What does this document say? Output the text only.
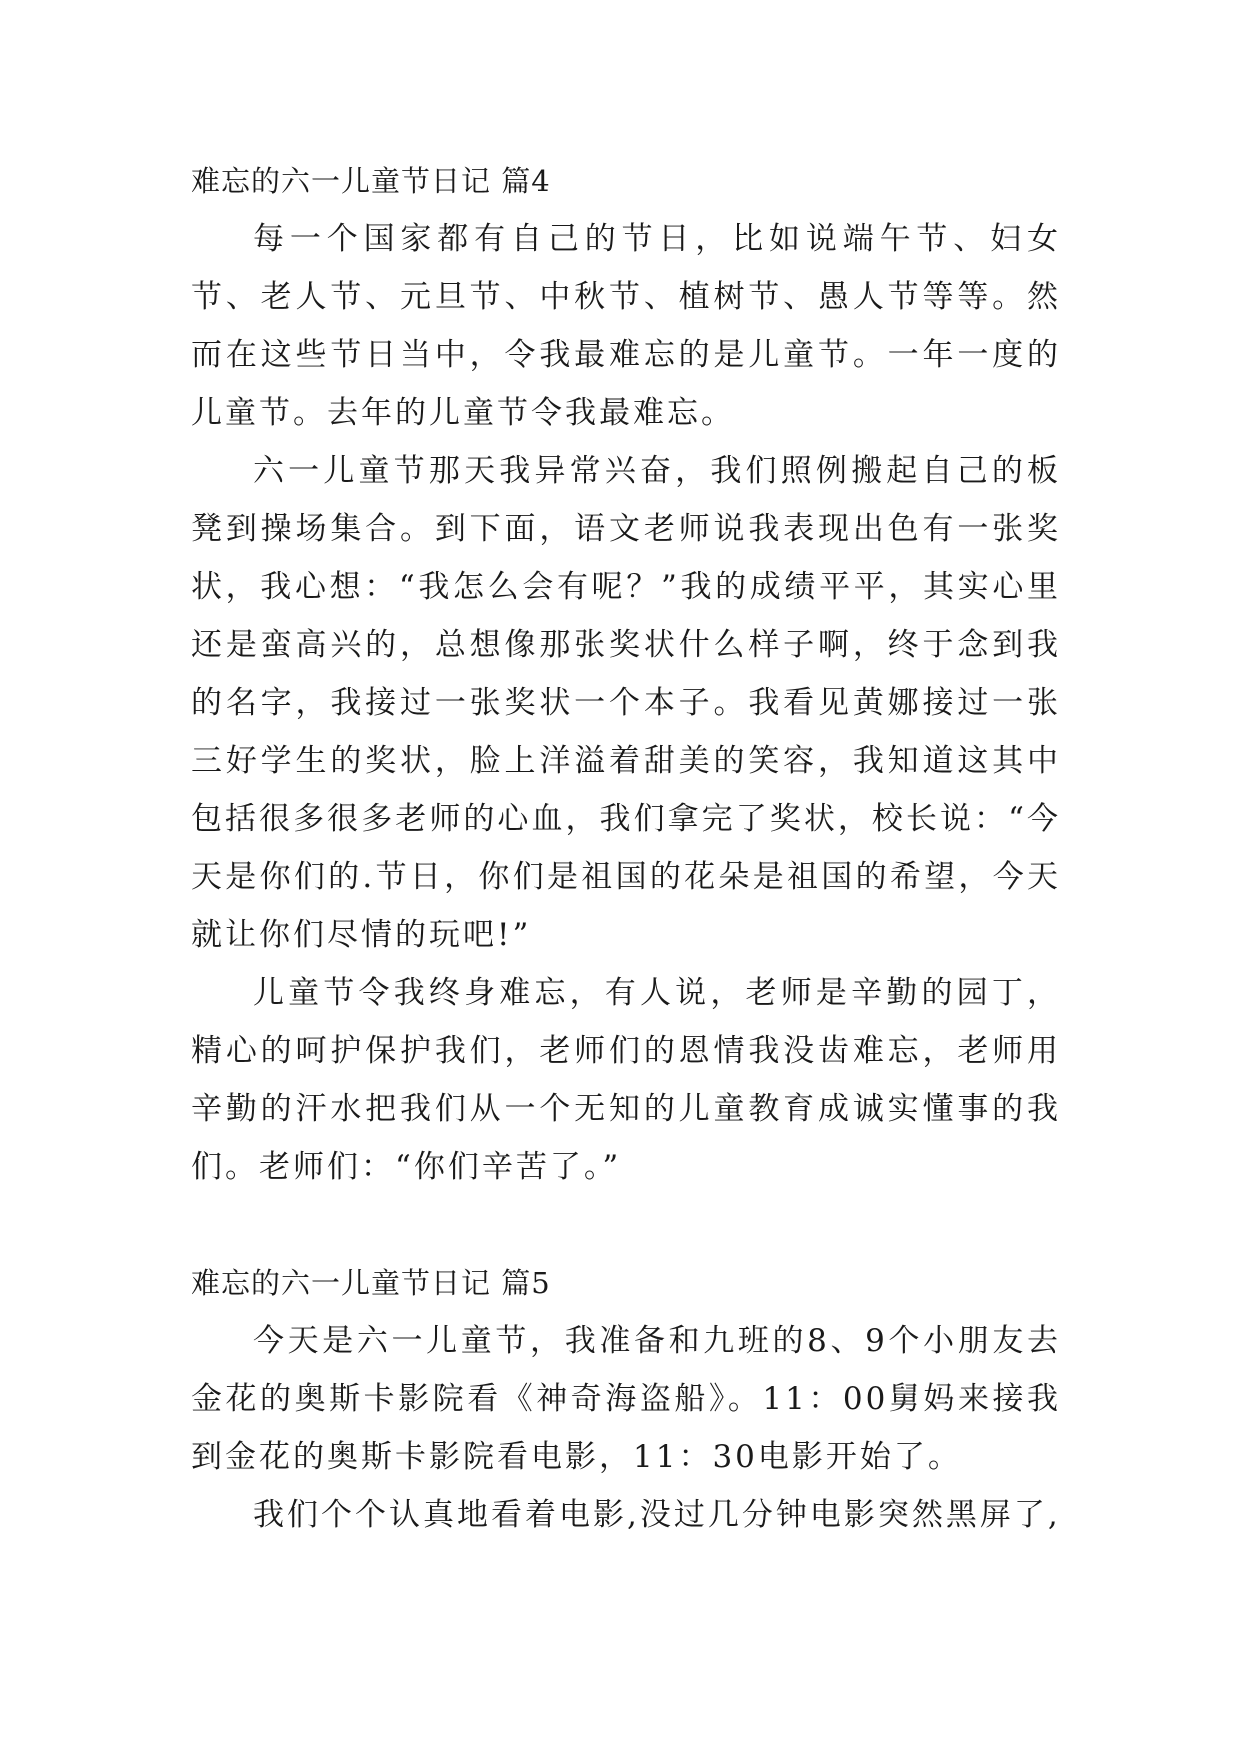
难忘的六一儿童节日记 篇4

每一个国家都有自己的节日，比如说端午节、妇女节、老人节、元旦节、中秋节、植树节、愚人节等等。然而在这些节日当中，令我最难忘的是儿童节。一年一度的儿童节。去年的儿童节令我最难忘。

六一儿童节那天我异常兴奋，我们照例搬起自己的板凳到操场集合。到下面，语文老师说我表现出色有一张奖状，我心想：“我怎么会有呢？”我的成绩平平，其实心里还是蛮高兴的，总想像那张奖状什么样子啊，终于念到我的名字，我接过一张奖状一个本子。我看见黄娜接过一张三好学生的奖状，脸上洋溢着甜美的笑容，我知道这其中包括很多很多老师的心血，我们拿完了奖状，校长说：“今天是你们的.节日，你们是祖国的花朵是祖国的希望，今天就让你们尽情的玩吧!”

儿童节令我终身难忘，有人说，老师是辛勤的园丁，精心的呵护保护我们，老师们的恩情我没齿难忘，老师用辛勤的汗水把我们从一个无知的儿童教育成诚实懂事的我们。老师们：“你们辛苦了。”

难忘的六一儿童节日记 篇5

今天是六一儿童节，我准备和九班的8、9个小朋友去金花的奥斯卡影院看《神奇海盗船》。11：00舅妈来接我到金花的奥斯卡影院看电影，11：30电影开始了。

我们个个认真地看着电影,没过几分钟电影突然黑屏了,
